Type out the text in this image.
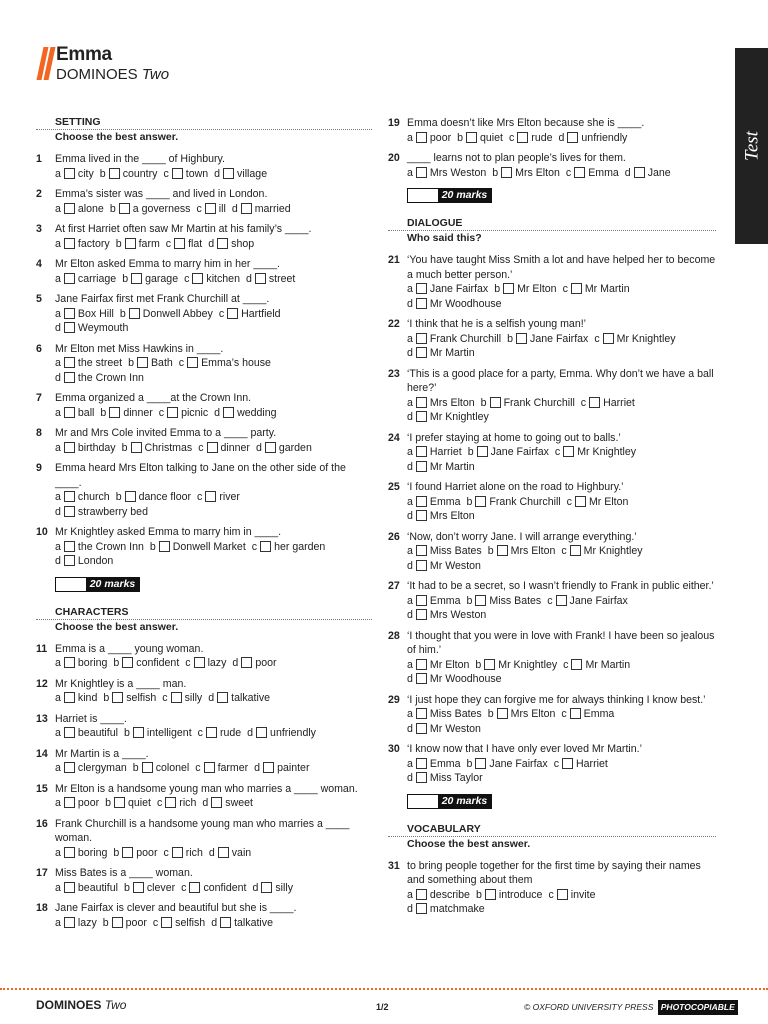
Emma
DOMINOES Two
Test
SETTING
Choose the best answer.
1 Emma lived in the ____ of Highbury.
a city b country c town d village
2 Emma’s sister was ____ and lived in London.
a alone b a governess c ill d married
3 At first Harriet often saw Mr Martin at his family’s ____.
a factory b farm c flat d shop
4 Mr Elton asked Emma to marry him in her ____.
a carriage b garage c kitchen d street
5 Jane Fairfax first met Frank Churchill at ____.
a Box Hill b Donwell Abbey c Hartfield
d Weymouth
6 Mr Elton met Miss Hawkins in ____.
a the street b Bath c Emma’s house
d the Crown Inn
7 Emma organized a ____at the Crown Inn.
a ball b dinner c picnic d wedding
8 Mr and Mrs Cole invited Emma to a ____ party.
a birthday b Christmas c dinner d garden
9 Emma heard Mrs Elton talking to Jane on the other side of the ____.
a church b dance floor c river
d strawberry bed
10 Mr Knightley asked Emma to marry him in ____.
a the Crown Inn b Donwell Market c her garden
d London
20 marks
CHARACTERS
Choose the best answer.
11 Emma is a ____ young woman.
a boring b confident c lazy d poor
12 Mr Knightley is a ____ man.
a kind b selfish c silly d talkative
13 Harriet is ____.
a beautiful b intelligent c rude d unfriendly
14 Mr Martin is a ____.
a clergyman b colonel c farmer d painter
15 Mr Elton is a handsome young man who marries a ____ woman.
a poor b quiet c rich d sweet
16 Frank Churchill is a handsome young man who marries a ____ woman.
a boring b poor c rich d vain
17 Miss Bates is a ____ woman.
a beautiful b clever c confident d silly
18 Jane Fairfax is clever and beautiful but she is ____.
a lazy b poor c selfish d talkative
19 Emma doesn’t like Mrs Elton because she is ____.
a poor b quiet c rude d unfriendly
20 ____ learns not to plan people’s lives for them.
a Mrs Weston b Mrs Elton c Emma d Jane
20 marks
DIALOGUE
Who said this?
21 ‘You have taught Miss Smith a lot and have helped her to become a much better person.’
a Jane Fairfax b Mr Elton c Mr Martin
d Mr Woodhouse
22 ‘I think that he is a selfish young man!’
a Frank Churchill b Jane Fairfax c Mr Knightley
d Mr Martin
23 ‘This is a good place for a party, Emma. Why don’t we have a ball here?’
a Mrs Elton b Frank Churchill c Harriet
d Mr Knightley
24 ‘I prefer staying at home to going out to balls.’
a Harriet b Jane Fairfax c Mr Knightley
d Mr Martin
25 ‘I found Harriet alone on the road to Highbury.’
a Emma b Frank Churchill c Mr Elton
d Mrs Elton
26 ‘Now, don’t worry Jane. I will arrange everything.’
a Miss Bates b Mrs Elton c Mr Knightley
d Mr Weston
27 ‘It had to be a secret, so I wasn’t friendly to Frank in public either.’
a Emma b Miss Bates c Jane Fairfax
d Mrs Weston
28 ‘I thought that you were in love with Frank! I have been so jealous of him.’
a Mr Elton b Mr Knightley c Mr Martin
d Mr Woodhouse
29 ‘I just hope they can forgive me for always thinking I know best.’
a Miss Bates b Mrs Elton c Emma
d Mr Weston
30 ‘I know now that I have only ever loved Mr Martin.’
a Emma b Jane Fairfax c Harriet
d Miss Taylor
20 marks
VOCABULARY
Choose the best answer.
31 to bring people together for the first time by saying their names and something about them
a describe b introduce c invite
d matchmake
DOMINOES Two	1/2	© OXFORD UNIVERSITY PRESS PHOTOCOPIABLE
